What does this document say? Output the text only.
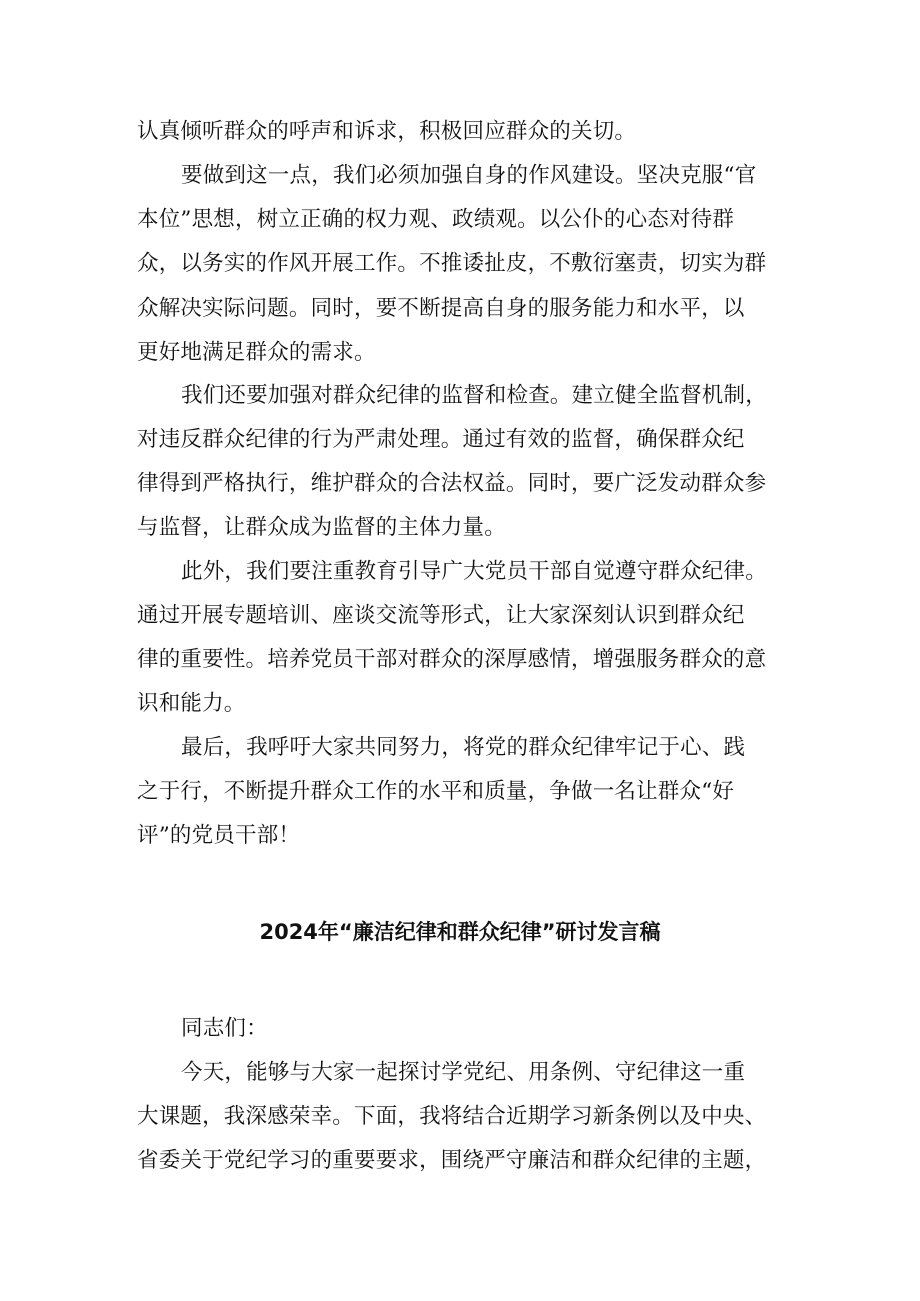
认真倾听群众的呼声和诉求，积极回应群众的关切。
要做到这一点，我们必须加强自身的作风建设。坚决克服“官
本位”思想，树立正确的权力观、政绩观。以公仆的心态对待群
众，以务实的作风开展工作。不推诿扯皮，不敷衍塞责，切实为群
众解决实际问题。同时，要不断提高自身的服务能力和水平，以
更好地满足群众的需求。
我们还要加强对群众纪律的监督和检查。建立健全监督机制，
对违反群众纪律的行为严肃处理。通过有效的监督，确保群众纪
律得到严格执行，维护群众的合法权益。同时，要广泛发动群众参
与监督，让群众成为监督的主体力量。
此外，我们要注重教育引导广大党员干部自觉遵守群众纪律。
通过开展专题培训、座谈交流等形式，让大家深刻认识到群众纪
律的重要性。培养党员干部对群众的深厚感情，增强服务群众的意
识和能力。
最后，我呼吁大家共同努力，将党的群众纪律牢记于心、践
之于行，不断提升群众工作的水平和质量，争做一名让群众“好
评”的党员干部！
2024年“廉洁纪律和群众纪律”研讨发言稿
同志们：
今天，能够与大家一起探讨学党纪、用条例、守纪律这一重
大课题，我深感荣幸。下面，我将结合近期学习新条例以及中央、
省委关于党纪学习的重要要求，围绕严守廉洁和群众纪律的主题，
